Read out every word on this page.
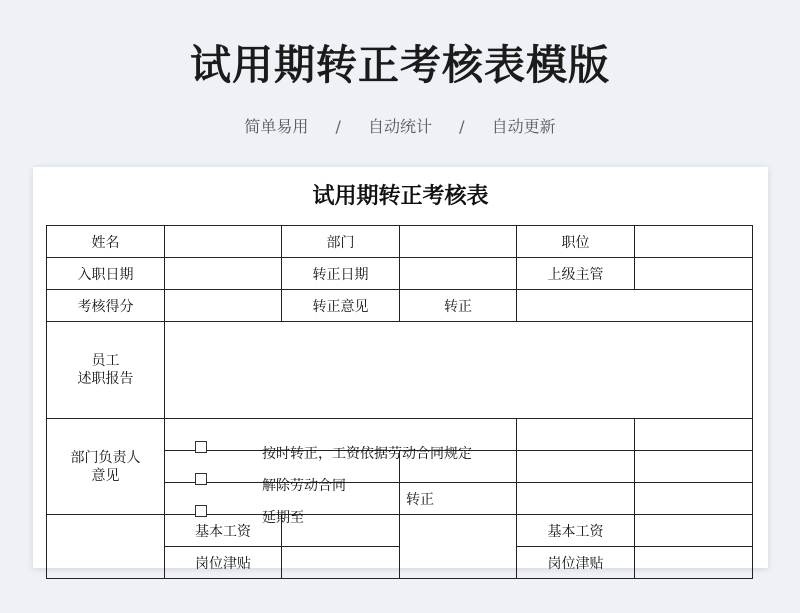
试用期转正考核表模版
简单易用 / 自动统计 / 自动更新
试用期转正考核表
姓名		部门		职位	
入职日期		转正日期		上级主管	
考核得分		转正意见	转正		

员工
述职报告					

部门负责人
意见	按时转正，工资依据劳动合同规定				

	解除劳动合同				

	延期至		转正		
	基本工资			基本工资	
	岗位津贴			岗位津贴	
